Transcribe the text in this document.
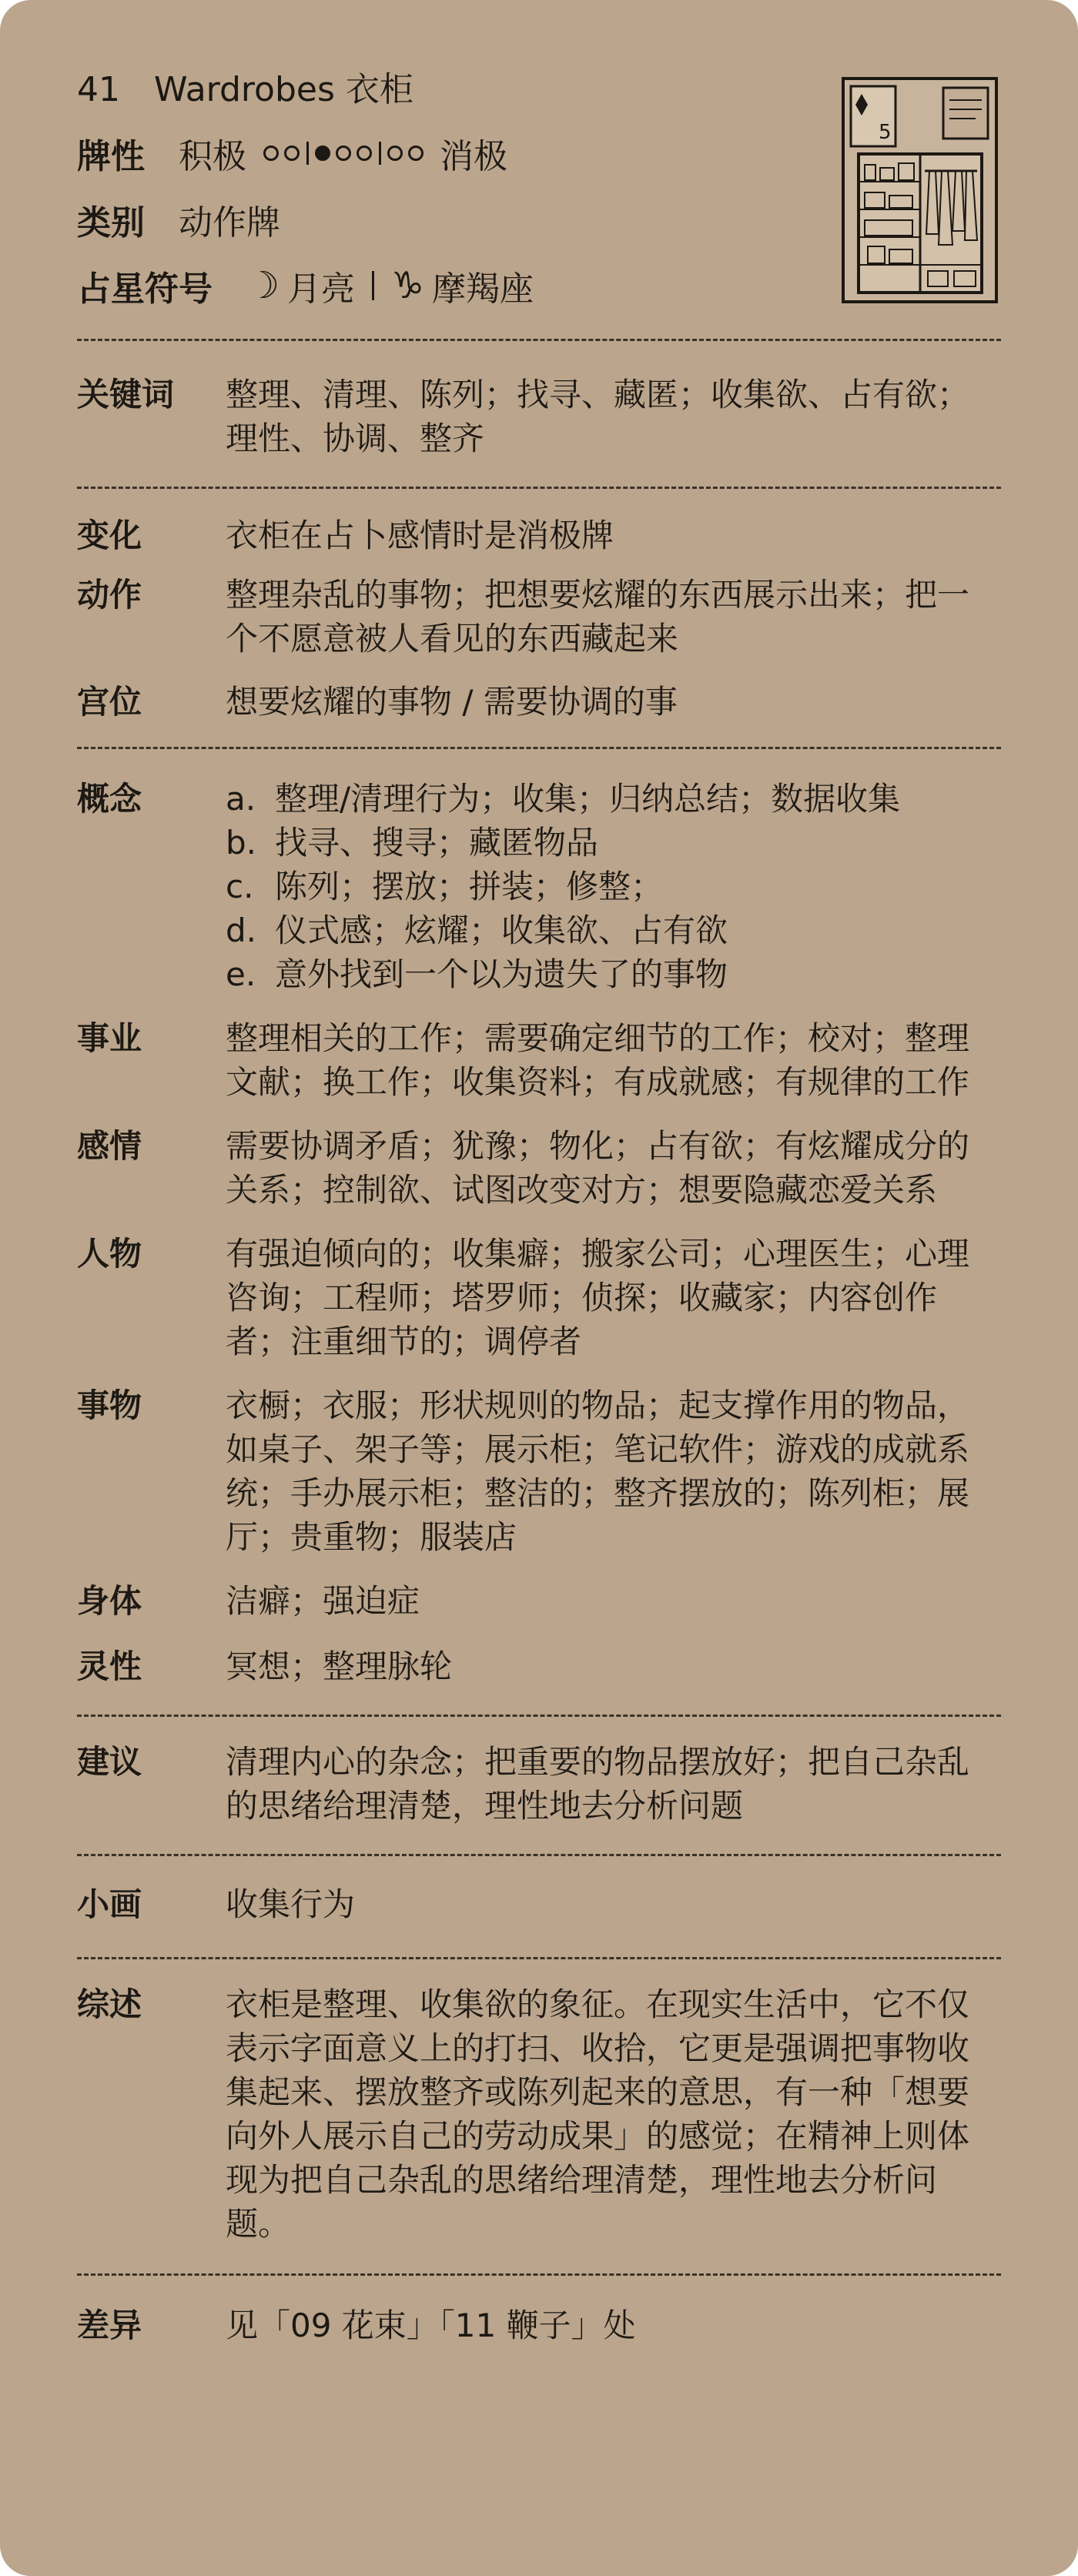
41 Wardrobes 衣柜
牌性 积极	消极
类别 动作牌
占星符号 ☽ 月亮 ♑ 摩羯座
5
关键词	整理、清理、陈列；找寻、藏匿；收集欲、占有欲；理性、协调、整齐
变化	衣柜在占卜感情时是消极牌
动作	整理杂乱的事物；把想要炫耀的东西展示出来；把一个不愿意被人看见的东西藏起来
宫位	想要炫耀的事物 / 需要协调的事
概念	a. 整理/清理行为；收集；归纳总结；数据收集
b. 找寻、搜寻；藏匿物品
c. 陈列；摆放；拼装；修整；
d. 仪式感；炫耀；收集欲、占有欲
e. 意外找到一个以为遗失了的事物
事业	整理相关的工作；需要确定细节的工作；校对；整理文献；换工作；收集资料；有成就感；有规律的工作
感情	需要协调矛盾；犹豫；物化；占有欲；有炫耀成分的关系；控制欲、试图改变对方；想要隐藏恋爱关系
人物	有强迫倾向的；收集癖；搬家公司；心理医生；心理咨询；工程师；塔罗师；侦探；收藏家；内容创作者；注重细节的；调停者
事物	衣橱；衣服；形状规则的物品；起支撑作用的物品，如桌子、架子等；展示柜；笔记软件；游戏的成就系统；手办展示柜；整洁的；整齐摆放的；陈列柜；展厅；贵重物；服装店
身体	洁癖；强迫症
灵性	冥想；整理脉轮
建议	清理内心的杂念；把重要的物品摆放好；把自己杂乱的思绪给理清楚，理性地去分析问题
小画	收集行为
综述	衣柜是整理、收集欲的象征。在现实生活中，它不仅表示字面意义上的打扫、收拾，它更是强调把事物收集起来、摆放整齐或陈列起来的意思，有一种「想要向外人展示自己的劳动成果」的感觉；在精神上则体现为把自己杂乱的思绪给理清楚，理性地去分析问题。
差异	见「09 花束」「11 鞭子」处
